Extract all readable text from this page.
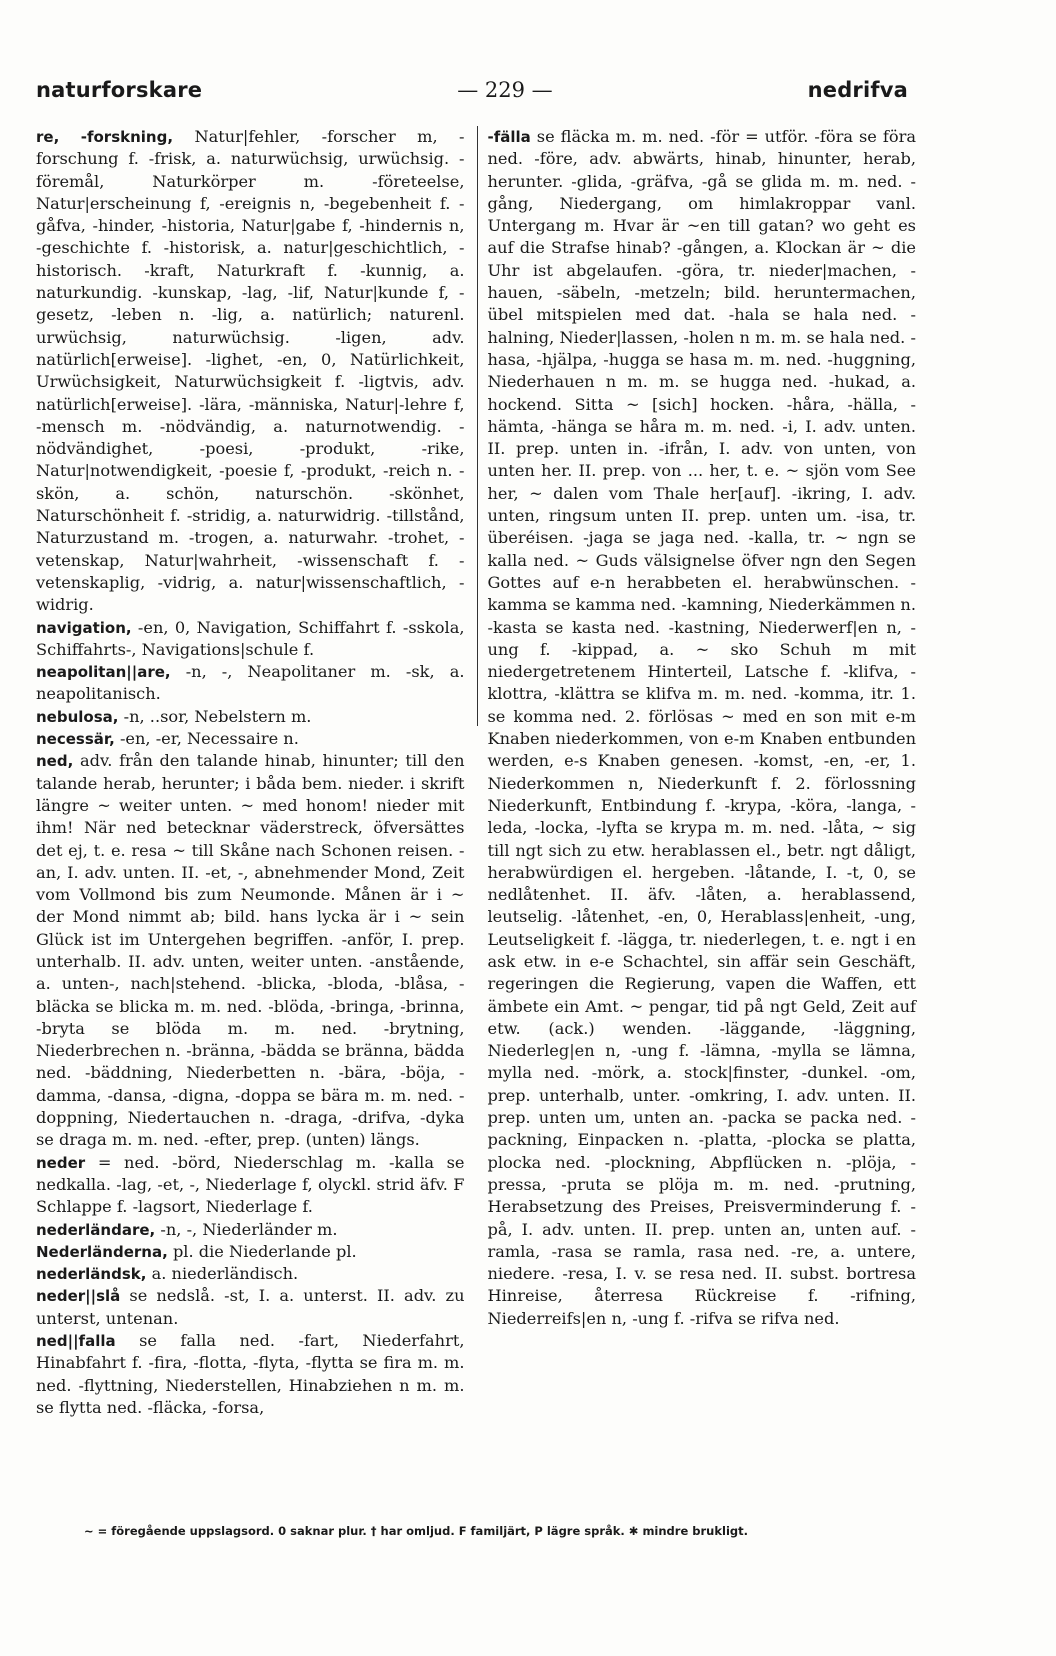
naturforskare	— 229 —	nedrifva

re, -forskning, Natur|fehler, -forscher m, -forschung f. -frisk, a. naturwüchsig, urwüchsig. -föremål, Naturkörper m. -företeelse, Natur|erscheinung f, -ereignis n, -begebenheit f. -gåfva, -hinder, -historia, Natur|gabe f, -hindernis n, -geschichte f. -historisk, a. natur|geschichtlich, -historisch. -kraft, Naturkraft f. -kunnig, a. naturkundig. -kunskap, -lag, -lif, Natur|kunde f, -gesetz, -leben n. -lig, a. natürlich; naturenl. urwüchsig, naturwüchsig. -ligen, adv. natürlich[erweise]. -lighet, -en, 0, Natürlichkeit, Urwüchsigkeit, Naturwüchsigkeit f. -ligtvis, adv. natürlich[erweise]. -lära, -människa, Natur|-lehre f, -mensch m. -nödvändig, a. naturnotwendig. -nödvändighet, -poesi, -produkt, -rike, Natur|notwendigkeit, -poesie f, -produkt, -reich n. -skön, a. schön, naturschön. -skönhet, Naturschönheit f. -stridig, a. naturwidrig. -tillstånd, Naturzustand m. -trogen, a. naturwahr. -trohet, -vetenskap, Natur|wahrheit, -wissenschaft f. -vetenskaplig, -vidrig, a. natur|wissenschaftlich, -widrig.

navigation, -en, 0, Navigation, Schiffahrt f. -sskola, Schiffahrts-, Navigations|schule f.

neapolitan||are, -n, -, Neapolitaner m. -sk, a. neapolitanisch.

nebulosa, -n, ..sor, Nebelstern m.

necessär, -en, -er, Necessaire n.

ned, adv. från den talande hinab, hinunter; till den talande herab, herunter; i båda bem. nieder. i skrift längre ~ weiter unten. ~ med honom! nieder mit ihm! När ned betecknar väderstreck, öfversättes det ej, t. e. resa ~ till Skåne nach Schonen reisen. -an, I. adv. unten. II. -et, -, abnehmender Mond, Zeit vom Vollmond bis zum Neumonde. Månen är i ~ der Mond nimmt ab; bild. hans lycka är i ~ sein Glück ist im Untergehen begriffen. -anför, I. prep. unterhalb. II. adv. unten, weiter unten. -anstående, a. unten-, nach|stehend. -blicka, -bloda, -blåsa, -bläcka se blicka m. m. ned. -blöda, -bringa, -brinna, -bryta se blöda m. m. ned. -brytning, Niederbrechen n. -bränna, -bädda se bränna, bädda ned. -bäddning, Niederbetten n. -bära, -böja, -damma, -dansa, -digna, -doppa se bära m. m. ned. -doppning, Niedertauchen n. -draga, -drifva, -dyka se draga m. m. ned. -efter, prep. (unten) längs.

neder = ned. -börd, Niederschlag m. -kalla se nedkalla. -lag, -et, -, Niederlage f, olyckl. strid äfv. F Schlappe f. -lagsort, Niederlage f.

nederländare, -n, -, Niederländer m.

Nederländerna, pl. die Niederlande pl.

nederländsk, a. niederländisch.

neder||slå se nedslå. -st, I. a. unterst. II. adv. zu unterst, untenan.

ned||falla se falla ned. -fart, Niederfahrt, Hinabfahrt f. -fira, -flotta, -flyta, -flytta se fira m. m. ned. -flyttning, Niederstellen, Hinabziehen n m. m. se flytta ned. -fläcka, -forsa,

-fälla se fläcka m. m. ned. -för = utför. -föra se föra ned. -före, adv. abwärts, hinab, hinunter, herab, herunter. -glida, -gräfva, -gå se glida m. m. ned. -gång, Niedergang, om himlakroppar vanl. Untergang m. Hvar är ~en till gatan? wo geht es auf die Strafse hinab? -gången, a. Klockan är ~ die Uhr ist abgelaufen. -göra, tr. nieder|machen, -hauen, -säbeln, -metzeln; bild. heruntermachen, übel mitspielen med dat. -hala se hala ned. -halning, Nieder|lassen, -holen n m. m. se hala ned. -hasa, -hjälpa, -hugga se hasa m. m. ned. -huggning, Niederhauen n m. m. se hugga ned. -hukad, a. hockend. Sitta ~ [sich] hocken. -håra, -hälla, -hämta, -hänga se håra m. m. ned. -i, I. adv. unten. II. prep. unten in. -ifrån, I. adv. von unten, von unten her. II. prep. von ... her, t. e. ~ sjön vom See her, ~ dalen vom Thale her[auf]. -ikring, I. adv. unten, ringsum unten II. prep. unten um. -isa, tr. überéisen. -jaga se jaga ned. -kalla, tr. ~ ngn se kalla ned. ~ Guds välsignelse öfver ngn den Segen Gottes auf e-n herabbeten el. herabwünschen. -kamma se kamma ned. -kamning, Niederkämmen n. -kasta se kasta ned. -kastning, Niederwerf|en n, -ung f. -kippad, a. ~ sko Schuh m mit niedergetretenem Hinterteil, Latsche f. -klifva, -klottra, -klättra se klifva m. m. ned. -komma, itr. 1. se komma ned. 2. förlösas ~ med en son mit e-m Knaben niederkommen, von e-m Knaben entbunden werden, e-s Knaben genesen. -komst, -en, -er, 1. Niederkommen n, Niederkunft f. 2. förlossning Niederkunft, Entbindung f. -krypa, -köra, -langa, -leda, -locka, -lyfta se krypa m. m. ned. -låta, ~ sig till ngt sich zu etw. herablassen el., betr. ngt dåligt, herabwürdigen el. hergeben. -låtande, I. -t, 0, se nedlåtenhet. II. äfv. -låten, a. herablassend, leutselig. -låtenhet, -en, 0, Herablass|enheit, -ung, Leutseligkeit f. -lägga, tr. niederlegen, t. e. ngt i en ask etw. in e-e Schachtel, sin affär sein Geschäft, regeringen die Regierung, vapen die Waffen, ett ämbete ein Amt. ~ pengar, tid på ngt Geld, Zeit auf etw. (ack.) wenden. -läggande, -läggning, Niederleg|en n, -ung f. -lämna, -mylla se lämna, mylla ned. -mörk, a. stock|finster, -dunkel. -om, prep. unterhalb, unter. -omkring, I. adv. unten. II. prep. unten um, unten an. -packa se packa ned. -packning, Einpacken n. -platta, -plocka se platta, plocka ned. -plockning, Abpflücken n. -plöja, -pressa, -pruta se plöja m. m. ned. -prutning, Herabsetzung des Preises, Preisverminderung f. -på, I. adv. unten. II. prep. unten an, unten auf. -ramla, -rasa se ramla, rasa ned. -re, a. untere, niedere. -resa, I. v. se resa ned. II. subst. bortresa Hinreise, återresa Rückreise f. -rifning, Niederreifs|en n, -ung f. -rifva se rifva ned.

~ = föregående uppslagsord. 0 saknar plur. † har omljud. F familjärt, P lägre språk. ✱ mindre brukligt.
